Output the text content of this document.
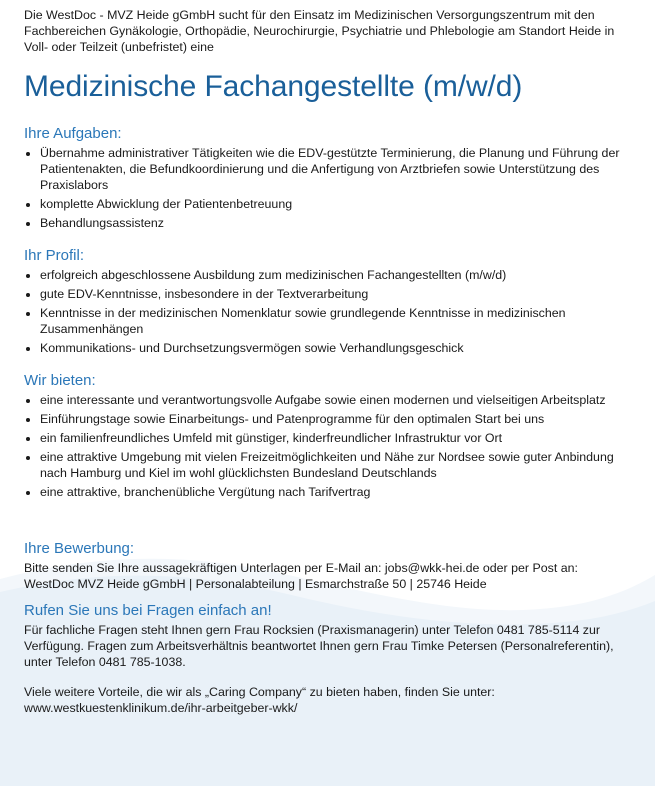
Die WestDoc - MVZ Heide gGmbH sucht für den Einsatz im Medizinischen Versorgungszentrum mit den Fachbereichen Gynäkologie, Orthopädie, Neurochirurgie, Psychiatrie und Phlebologie am Standort Heide in Voll- oder Teilzeit (unbefristet) eine

Medizinische Fachangestellte (m/w/d)
Ihre Aufgaben:
• Übernahme administrativer Tätigkeiten wie die EDV-gestützte Terminierung, die Planung und Führung der Patientenakten, die Befundkoordinierung und die Anfertigung von Arztbriefen sowie Unterstützung des Praxislabors
• komplette Abwicklung der Patientenbetreuung
• Behandlungsassistenz
Ihr Profil:
• erfolgreich abgeschlossene Ausbildung zum medizinischen Fachangestellten (m/w/d)
• gute EDV-Kenntnisse, insbesondere in der Textverarbeitung
• Kenntnisse in der medizinischen Nomenklatur sowie grundlegende Kenntnisse in medizinischen Zusammenhängen
• Kommunikations- und Durchsetzungsvermögen sowie Verhandlungsgeschick
Wir bieten:
• eine interessante und verantwortungsvolle Aufgabe sowie einen modernen und vielseitigen Arbeitsplatz
• Einführungstage sowie Einarbeitungs- und Patenprogramme für den optimalen Start bei uns
• ein familienfreundliches Umfeld mit günstiger, kinderfreundlicher Infrastruktur vor Ort
• eine attraktive Umgebung mit vielen Freizeitmöglichkeiten und Nähe zur Nordsee sowie guter Anbindung nach Hamburg und Kiel im wohl glücklichsten Bundesland Deutschlands
• eine attraktive, branchenübliche Vergütung nach Tarifvertrag
Ihre Bewerbung:

Bitte senden Sie Ihre aussagekräftigen Unterlagen per E-Mail an: jobs@wkk-hei.de oder per Post an: WestDoc MVZ Heide gGmbH | Personalabteilung | Esmarchstraße 50 | 25746 Heide

Rufen Sie uns bei Fragen einfach an!

Für fachliche Fragen steht Ihnen gern Frau Rocksien (Praxismanagerin) unter Telefon 0481 785-5114 zur Verfügung. Fragen zum Arbeitsverhältnis beantwortet Ihnen gern Frau Timke Petersen (Personalreferentin), unter Telefon 0481 785-1038.

Viele weitere Vorteile, die wir als „Caring Company“ zu bieten haben, finden Sie unter: www.westkuestenklinikum.de/ihr-arbeitgeber-wkk/
